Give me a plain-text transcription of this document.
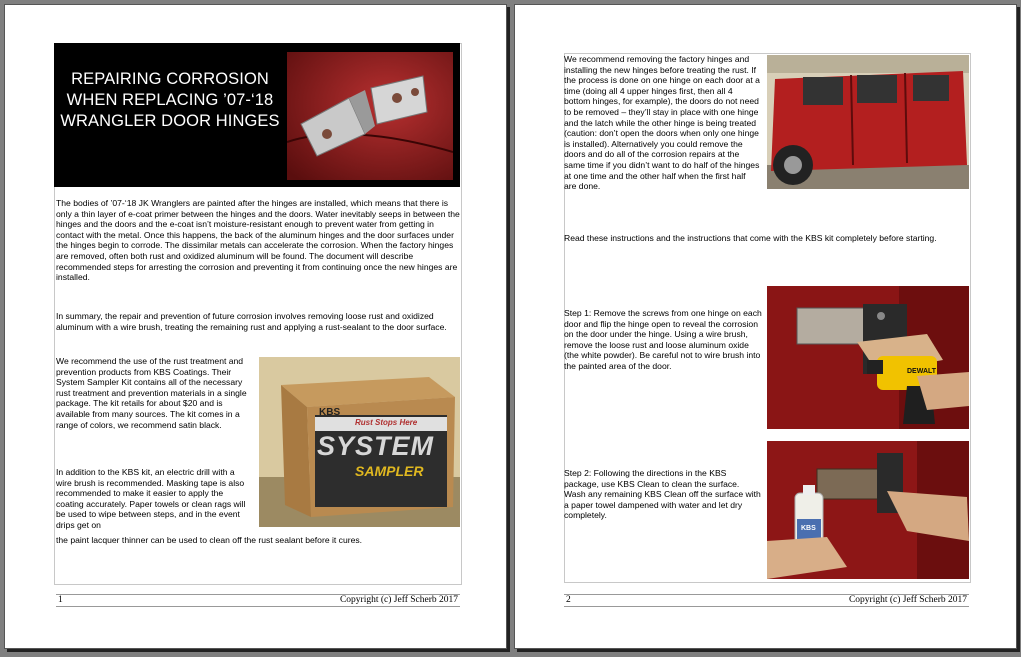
REPAIRING CORROSION WHEN REPLACING ’07-‘18 WRANGLER DOOR HINGES

The bodies of ’07-‘18 JK Wranglers are painted after the hinges are installed, which means that there is only a thin layer of e-coat primer between the hinges and the doors. Water inevitably seeps in between the hinges and the doors and the e-coat isn’t moisture-resistant enough to prevent water from getting in contact with the metal. Once this happens, the back of the aluminum hinges and the door surfaces under the hinges begin to corrode. The dissimilar metals can accelerate the corrosion. When the factory hinges are removed, often both rust and oxidized aluminum will be found. The document will describe recommended steps for arresting the corrosion and preventing it from continuing once the new hinges are installed.

In summary, the repair and prevention of future corrosion involves removing loose rust and oxidized aluminum with a wire brush, treating the remaining rust and applying a rust-sealant to the door surface.

We recommend the use of the rust treatment and prevention products from KBS Coatings. Their System Sampler Kit contains all of the necessary rust treatment and prevention materials in a single package. The kit retails for about $20 and is available from many sources. The kit comes in a range of colors, we recommend satin black.

In addition to the KBS kit, an electric drill with a wire brush is recommended. Masking tape is also recommended to make it easier to apply the coating accurately. Paper towels or clean rags will be used to wipe between steps, and in the event drips get on

the paint lacquer thinner can be used to clean off the rust sealant before it cures.

KBS
Rust Stops Here
SYSTEM
SAMPLER
1	Copyright (c) Jeff Scherb 2017

We recommend removing the factory hinges and installing the new hinges before treating the rust. If the process is done on one hinge on each door at a time (doing all 4 upper hinges first, then all 4 bottom hinges, for example), the doors do not need to be removed – they’ll stay in place with one hinge and the latch while the other hinge is being treated (caution: don’t open the doors when only one hinge is installed). Alternatively you could remove the doors and do all of the corrosion repairs at the same time if you didn’t want to do half of the hinges at one time and the other half when the first half are done.

Read these instructions and the instructions that come with the KBS kit completely before starting.

Step 1: Remove the screws from one hinge on each door and flip the hinge open to reveal the corrosion on the door under the hinge. Using a wire brush, remove the loose rust and loose aluminum oxide (the white powder). Be careful not to wire brush into the painted area of the door.

DEWALT

Step 2: Following the directions in the KBS package, use KBS Clean to clean the surface. Wash any remaining KBS Clean off the surface with a paper towel dampened with water and let dry completely.

KBS
2	Copyright (c) Jeff Scherb 2017
